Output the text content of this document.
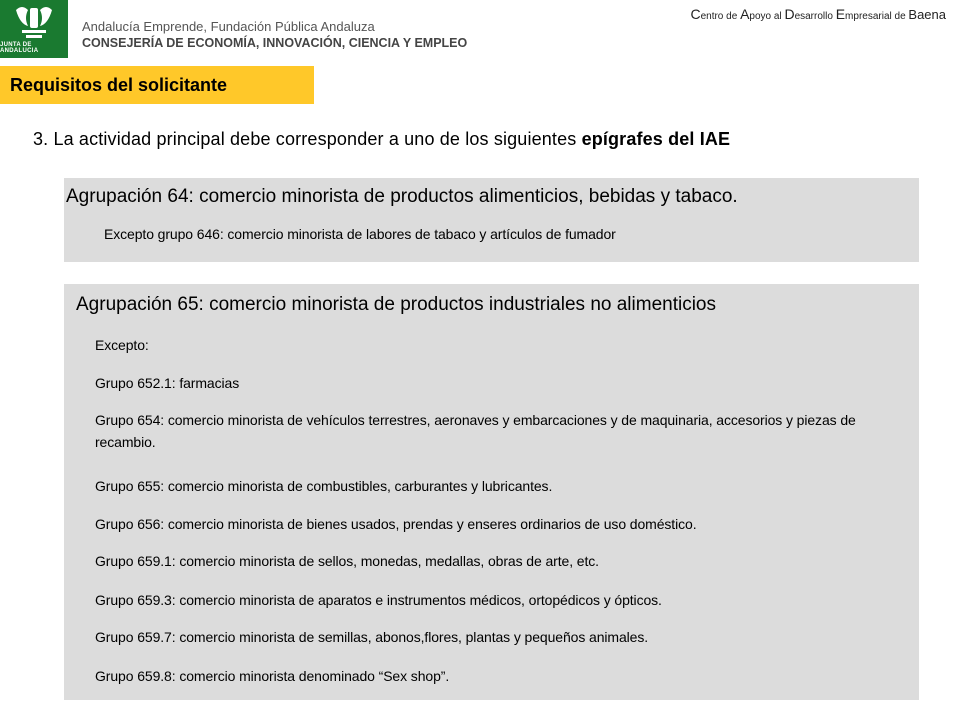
JUNTA DE ANDALUCIA
Andalucía Emprende, Fundación Pública Andaluza
CONSEJERÍA DE ECONOMÍA, INNOVACIÓN, CIENCIA Y EMPLEO
Centro de Apoyo al Desarrollo Empresarial de Baena
Requisitos del solicitante
3. La actividad principal debe corresponder a uno de los siguientes epígrafes del IAE
Agrupación 64: comercio minorista de productos alimenticios, bebidas y tabaco.
Excepto grupo 646: comercio minorista de labores de tabaco y artículos de fumador
Agrupación 65: comercio minorista de productos industriales no alimenticios
Excepto:
Grupo 652.1: farmacias
Grupo 654: comercio minorista de vehículos terrestres, aeronaves y embarcaciones y de maquinaria, accesorios y piezas de recambio.
Grupo 655: comercio minorista de combustibles, carburantes y lubricantes.
Grupo 656: comercio minorista de bienes usados, prendas y enseres ordinarios de uso doméstico.
Grupo 659.1: comercio minorista de sellos, monedas, medallas, obras de arte, etc.
Grupo 659.3: comercio minorista de aparatos e instrumentos médicos, ortopédicos y ópticos.
Grupo 659.7: comercio minorista de semillas, abonos,flores, plantas y pequeños animales.
Grupo 659.8: comercio minorista denominado “Sex shop”.
